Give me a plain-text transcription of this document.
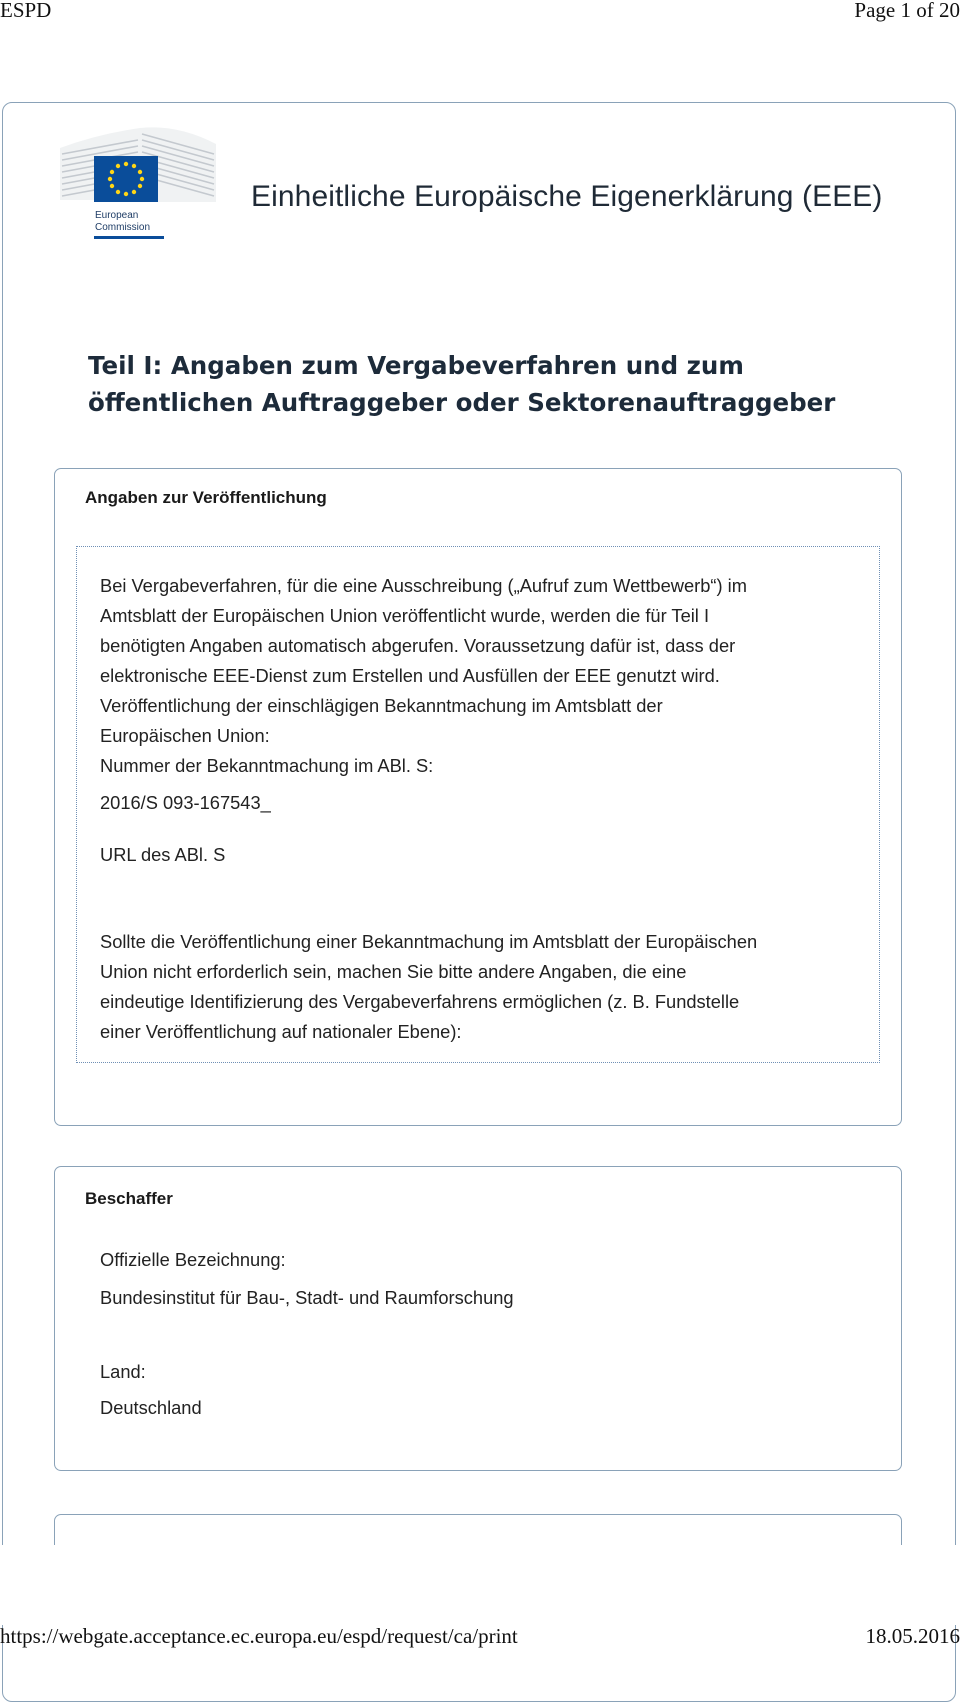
ESPD	Page 1 of 20
European
Commission
Einheitliche Europäische Eigenerklärung (EEE)
Teil I: Angaben zum Vergabeverfahren und zum
öffentlichen Auftraggeber oder Sektorenauftraggeber
Angaben zur Veröffentlichung
Bei Vergabeverfahren, für die eine Ausschreibung („Aufruf zum Wettbewerb“) im
Amtsblatt der Europäischen Union veröffentlicht wurde, werden die für Teil I
benötigten Angaben automatisch abgerufen. Voraussetzung dafür ist, dass der
elektronische EEE-Dienst zum Erstellen und Ausfüllen der EEE genutzt wird.
Veröffentlichung der einschlägigen Bekanntmachung im Amtsblatt der
Europäischen Union:
Nummer der Bekanntmachung im ABl. S:
2016/S 093-167543_
URL des ABl. S
Sollte die Veröffentlichung einer Bekanntmachung im Amtsblatt der Europäischen
Union nicht erforderlich sein, machen Sie bitte andere Angaben, die eine
eindeutige Identifizierung des Vergabeverfahrens ermöglichen (z. B. Fundstelle
einer Veröffentlichung auf nationaler Ebene):
Beschaffer
Offizielle Bezeichnung:
Bundesinstitut für Bau-, Stadt- und Raumforschung
Land:
Deutschland
https://webgate.acceptance.ec.europa.eu/espd/request/ca/print	18.05.2016
